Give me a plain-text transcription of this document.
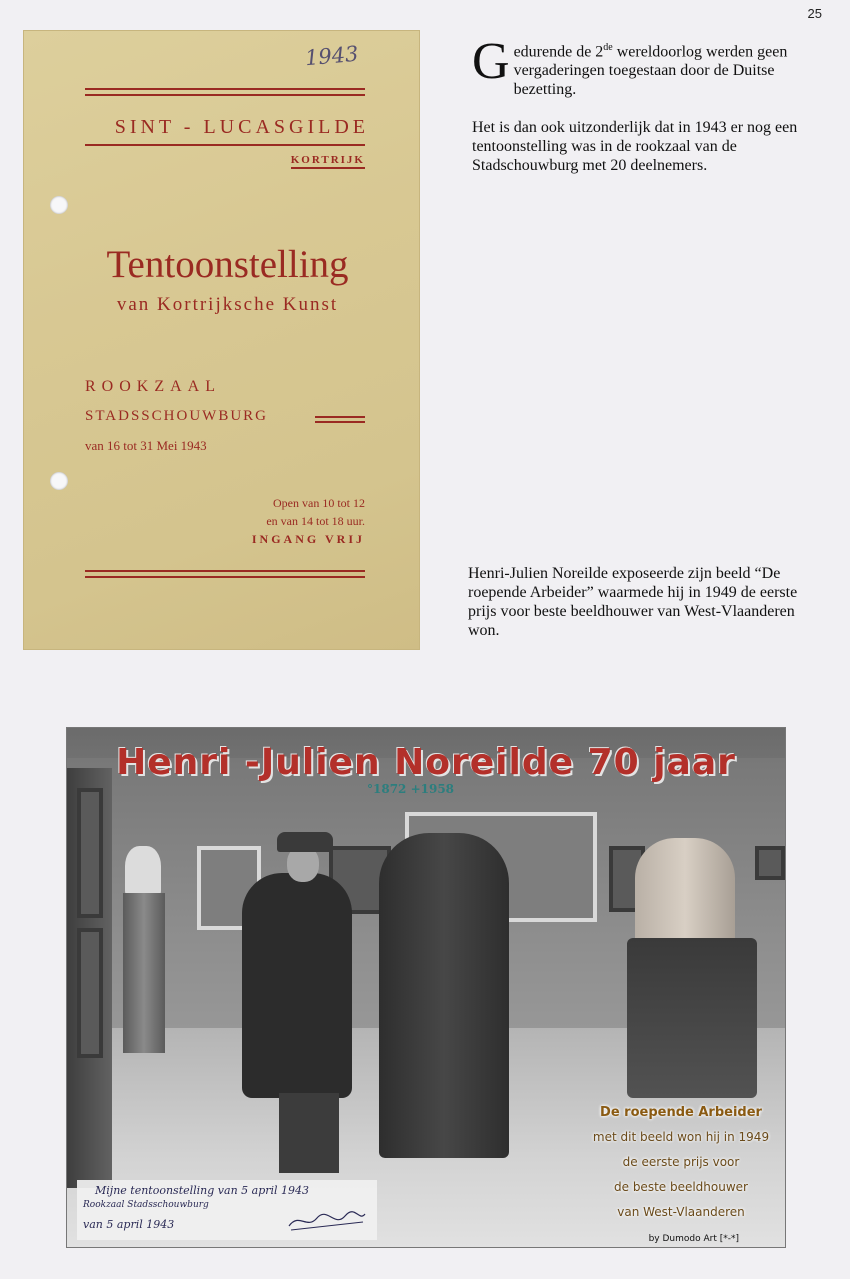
25
1943
SINT - LUCASGILDE
KORTRIJK
Tentoonstelling
van Kortrijksche Kunst
ROOKZAAL
STADSSCHOUWBURG
van 16 tot 31 Mei 1943
Open van 10 tot 12
en van 14 tot 18 uur.
INGANG VRIJ
Gedurende de 2de wereldoorlog werden geen vergaderingen toegestaan door de Duitse bezetting.
Het is dan ook uitzonderlijk dat in 1943 er nog een tentoonstelling was in de rookzaal van de Stadschouwburg met 20 deelnemers.
Henri-Julien Noreilde exposeerde zijn beeld “De roepende Arbeider” waarmede hij in 1949 de eerste prijs voor beste beeldhouwer van West-Vlaanderen won.
Henri -Julien Noreilde 70 jaar
°1872 +1958
Mijne tentoonstelling van 5 april 1943
Rookzaal Stadsschouwburg
van 5 april 1943
De roepende Arbeider
met dit beeld won hij in 1949
de eerste prijs voor
de beste beeldhouwer
van West-Vlaanderen
by Dumodo Art [*-*]
